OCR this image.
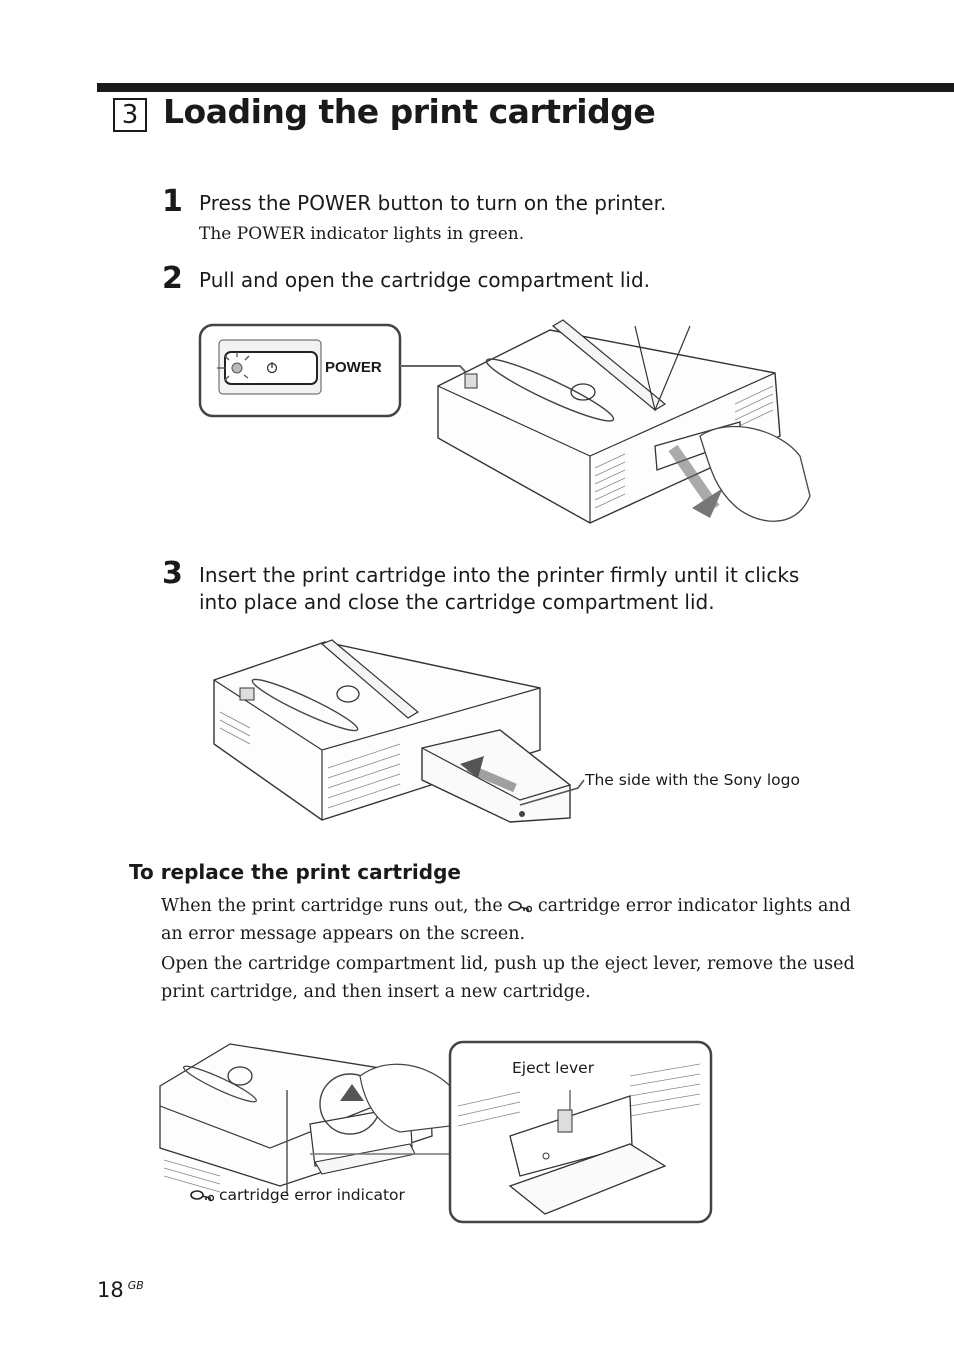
3 Loading the print cartridge
1 Press the POWER button to turn on the printer.
The POWER indicator lights in green.
2 Pull and open the cartridge compartment lid.
3 Insert the print cartridge into the printer firmly until it clicks
into place and close the cartridge compartment lid.
The side with the Sony logo
To replace the print cartridge
When the print cartridge runs out, the cartridge error indicator lights and an error message appears on the screen.
Open the cartridge compartment lid, push up the eject lever, remove the used print cartridge, and then insert a new cartridge.
Eject lever
cartridge error indicator
POWER
18 $^{GB}$
